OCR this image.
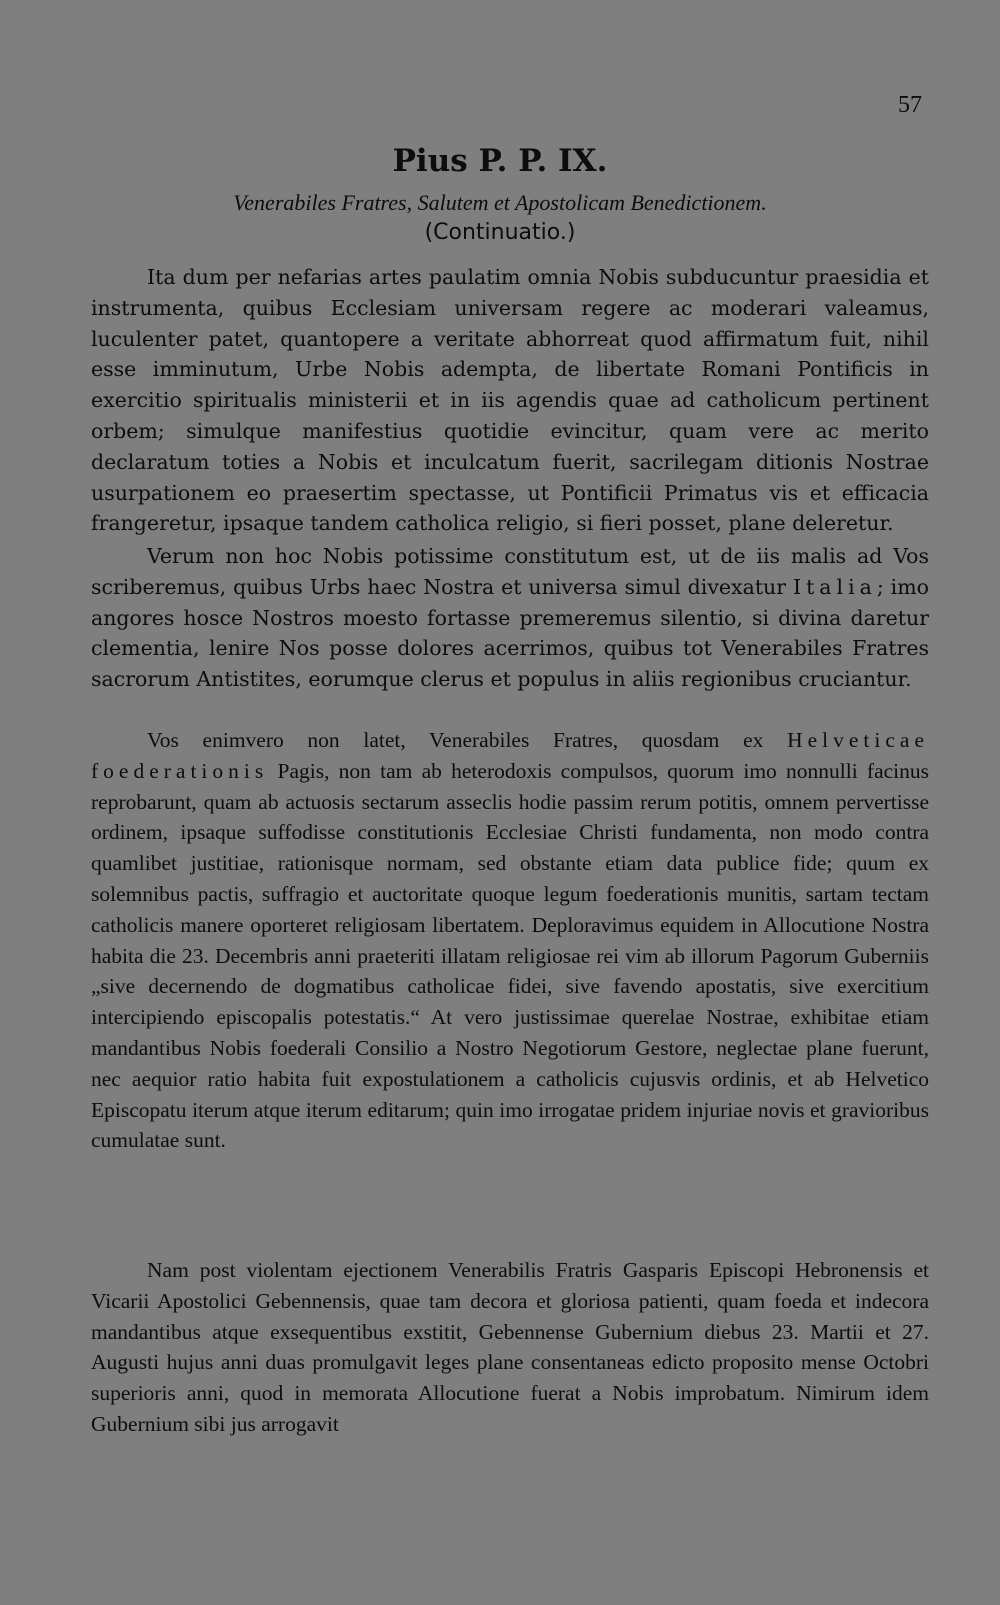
57
Pius P. P. IX.
Venerabiles Fratres, Salutem et Apostolicam Benedictionem.
(Continuatio.)

Ita dum per nefarias artes paulatim omnia Nobis subducuntur praesidia et instrumenta, quibus Ecclesiam universam regere ac moderari valeamus, luculenter patet, quantopere a veritate abhorreat quod affirmatum fuit, nihil esse imminutum, Urbe Nobis adempta, de libertate Romani Pontificis in exercitio spiritualis ministerii et in iis agendis quae ad catholicum pertinent orbem; simulque manifestius quotidie evincitur, quam vere ac merito declaratum toties a Nobis et inculcatum fuerit, sacrilegam ditionis Nostrae usurpationem eo praesertim spectasse, ut Pontificii Primatus vis et efficacia frangeretur, ipsaque tandem catholica religio, si fieri posset, plane deleretur.

Verum non hoc Nobis potissime constitutum est, ut de iis malis ad Vos scriberemus, quibus Urbs haec Nostra et universa simul divexatur Italia; imo angores hosce Nostros moesto fortasse premeremus silentio, si divina daretur clementia, lenire Nos posse dolores acerrimos, quibus tot Venerabiles Fratres sacrorum Antistites, eorumque clerus et populus in aliis regionibus cruciantur.

Vos enimvero non latet, Venerabiles Fratres, quosdam ex Helveticae foederationis Pagis, non tam ab heterodoxis compulsos, quorum imo nonnulli facinus reprobarunt, quam ab actuosis sectarum asseclis hodie passim rerum potitis, omnem pervertisse ordinem, ipsaque suffodisse constitutionis Ecclesiae Christi fundamenta, non modo contra quamlibet justitiae, rationisque normam, sed obstante etiam data publice fide; quum ex solemnibus pactis, suffragio et auctoritate quoque legum foederationis munitis, sartam tectam catholicis manere oporteret religiosam libertatem. Deploravimus equidem in Allocutione Nostra habita die 23. Decembris anni praeteriti illatam religiosae rei vim ab illorum Pagorum Guberniis „sive decernendo de dogmatibus catholicae fidei, sive favendo apostatis, sive exercitium intercipiendo episcopalis potestatis.“ At vero justissimae querelae Nostrae, exhibitae etiam mandantibus Nobis foederali Consilio a Nostro Negotiorum Gestore, neglectae plane fuerunt, nec aequior ratio habita fuit expostulationem a catholicis cujusvis ordinis, et ab Helvetico Episcopatu iterum atque iterum editarum; quin imo irrogatae pridem injuriae novis et gravioribus cumulatae sunt.

Nam post violentam ejectionem Venerabilis Fratris Gasparis Episcopi Hebronensis et Vicarii Apostolici Gebennensis, quae tam decora et gloriosa patienti, quam foeda et indecora mandantibus atque exsequentibus exstitit, Gebennense Gubernium diebus 23. Martii et 27. Augusti hujus anni duas promulgavit leges plane consentaneas edicto proposito mense Octobri superioris anni, quod in memorata Allocutione fuerat a Nobis improbatum. Nimirum idem Gubernium sibi jus arrogavit
